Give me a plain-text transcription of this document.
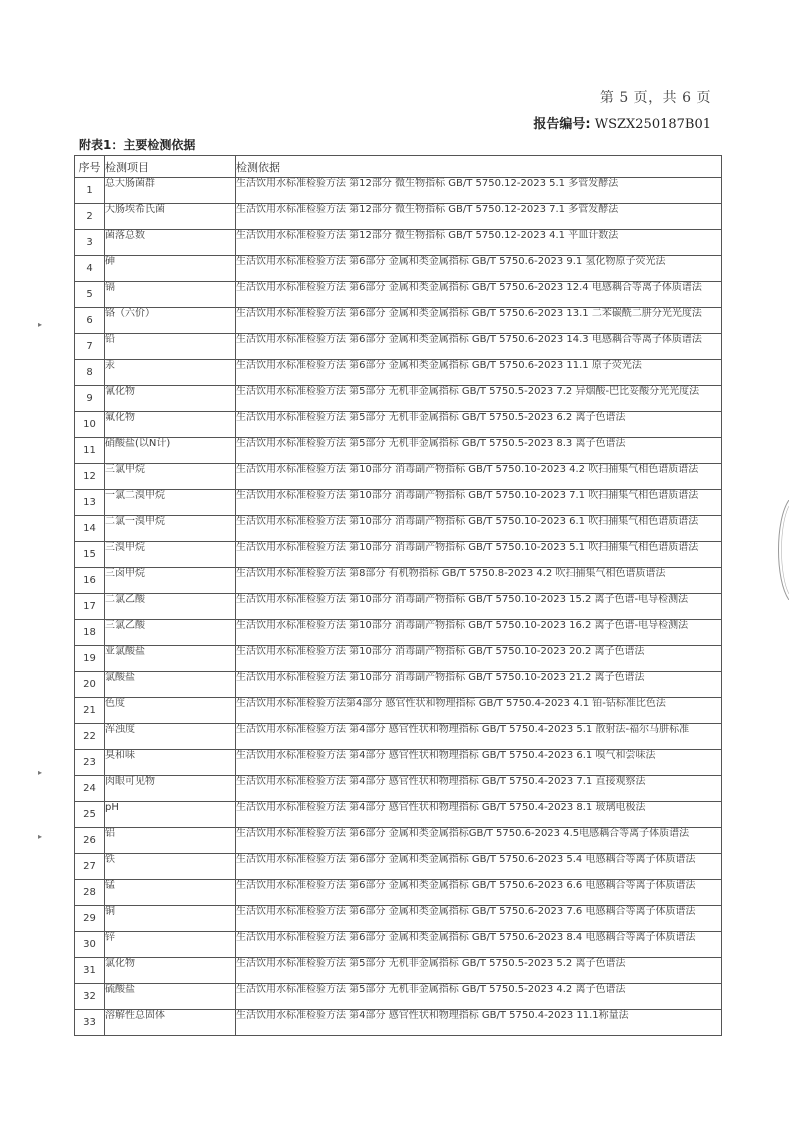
第 5 页，共 6 页
报告编号: WSZX250187B01
附表1：主要检测依据
序号	检测项目	检测依据
1	总大肠菌群	生活饮用水标准检验方法 第12部分 微生物指标 GB/T 5750.12-2023 5.1 多管发酵法
2	大肠埃希氏菌	生活饮用水标准检验方法 第12部分 微生物指标 GB/T 5750.12-2023 7.1 多管发酵法
3	菌落总数	生活饮用水标准检验方法 第12部分 微生物指标 GB/T 5750.12-2023 4.1 平皿计数法
4	砷	生活饮用水标准检验方法 第6部分 金属和类金属指标 GB/T 5750.6-2023 9.1 氢化物原子荧光法
5	镉	生活饮用水标准检验方法 第6部分 金属和类金属指标 GB/T 5750.6-2023 12.4 电感耦合等离子体质谱法
6	铬（六价）	生活饮用水标准检验方法 第6部分 金属和类金属指标 GB/T 5750.6-2023 13.1 二苯碳酰二肼分光光度法
7	铅	生活饮用水标准检验方法 第6部分 金属和类金属指标 GB/T 5750.6-2023 14.3 电感耦合等离子体质谱法
8	汞	生活饮用水标准检验方法 第6部分 金属和类金属指标 GB/T 5750.6-2023 11.1 原子荧光法
9	氰化物	生活饮用水标准检验方法 第5部分 无机非金属指标 GB/T 5750.5-2023 7.2 异烟酸-巴比妥酸分光光度法
10	氟化物	生活饮用水标准检验方法 第5部分 无机非金属指标 GB/T 5750.5-2023 6.2 离子色谱法
11	硝酸盐(以N计)	生活饮用水标准检验方法 第5部分 无机非金属指标 GB/T 5750.5-2023 8.3 离子色谱法
12	三氯甲烷	生活饮用水标准检验方法 第10部分 消毒副产物指标 GB/T 5750.10-2023 4.2 吹扫捕集气相色谱质谱法
13	一氯二溴甲烷	生活饮用水标准检验方法 第10部分 消毒副产物指标 GB/T 5750.10-2023 7.1 吹扫捕集气相色谱质谱法
14	二氯一溴甲烷	生活饮用水标准检验方法 第10部分 消毒副产物指标 GB/T 5750.10-2023 6.1 吹扫捕集气相色谱质谱法
15	三溴甲烷	生活饮用水标准检验方法 第10部分 消毒副产物指标 GB/T 5750.10-2023 5.1 吹扫捕集气相色谱质谱法
16	三卤甲烷	生活饮用水标准检验方法 第8部分 有机物指标 GB/T 5750.8-2023 4.2 吹扫捕集气相色谱质谱法
17	二氯乙酸	生活饮用水标准检验方法 第10部分 消毒副产物指标 GB/T 5750.10-2023 15.2 离子色谱-电导检测法
18	三氯乙酸	生活饮用水标准检验方法 第10部分 消毒副产物指标 GB/T 5750.10-2023 16.2 离子色谱-电导检测法
19	亚氯酸盐	生活饮用水标准检验方法 第10部分 消毒副产物指标 GB/T 5750.10-2023 20.2 离子色谱法
20	氯酸盐	生活饮用水标准检验方法 第10部分 消毒副产物指标 GB/T 5750.10-2023 21.2 离子色谱法
21	色度	生活饮用水标准检验方法第4部分 感官性状和物理指标 GB/T 5750.4-2023 4.1 铂-钴标准比色法
22	浑浊度	生活饮用水标准检验方法 第4部分 感官性状和物理指标 GB/T 5750.4-2023 5.1 散射法-福尔马肼标准
23	臭和味	生活饮用水标准检验方法 第4部分 感官性状和物理指标 GB/T 5750.4-2023 6.1 嗅气和尝味法
24	肉眼可见物	生活饮用水标准检验方法 第4部分 感官性状和物理指标 GB/T 5750.4-2023 7.1 直接观察法
25	pH	生活饮用水标准检验方法 第4部分 感官性状和物理指标 GB/T 5750.4-2023 8.1 玻璃电极法
26	铝	生活饮用水标准检验方法 第6部分 金属和类金属指标GB/T 5750.6-2023 4.5电感耦合等离子体质谱法
27	铁	生活饮用水标准检验方法 第6部分 金属和类金属指标 GB/T 5750.6-2023 5.4 电感耦合等离子体质谱法
28	锰	生活饮用水标准检验方法 第6部分 金属和类金属指标 GB/T 5750.6-2023 6.6 电感耦合等离子体质谱法
29	铜	生活饮用水标准检验方法 第6部分 金属和类金属指标 GB/T 5750.6-2023 7.6 电感耦合等离子体质谱法
30	锌	生活饮用水标准检验方法 第6部分 金属和类金属指标 GB/T 5750.6-2023 8.4 电感耦合等离子体质谱法
31	氯化物	生活饮用水标准检验方法 第5部分 无机非金属指标 GB/T 5750.5-2023 5.2 离子色谱法
32	硫酸盐	生活饮用水标准检验方法 第5部分 无机非金属指标 GB/T 5750.5-2023 4.2 离子色谱法
33	溶解性总固体	生活饮用水标准检验方法 第4部分 感官性状和物理指标 GB/T 5750.4-2023 11.1称量法
▸
▸
▸
